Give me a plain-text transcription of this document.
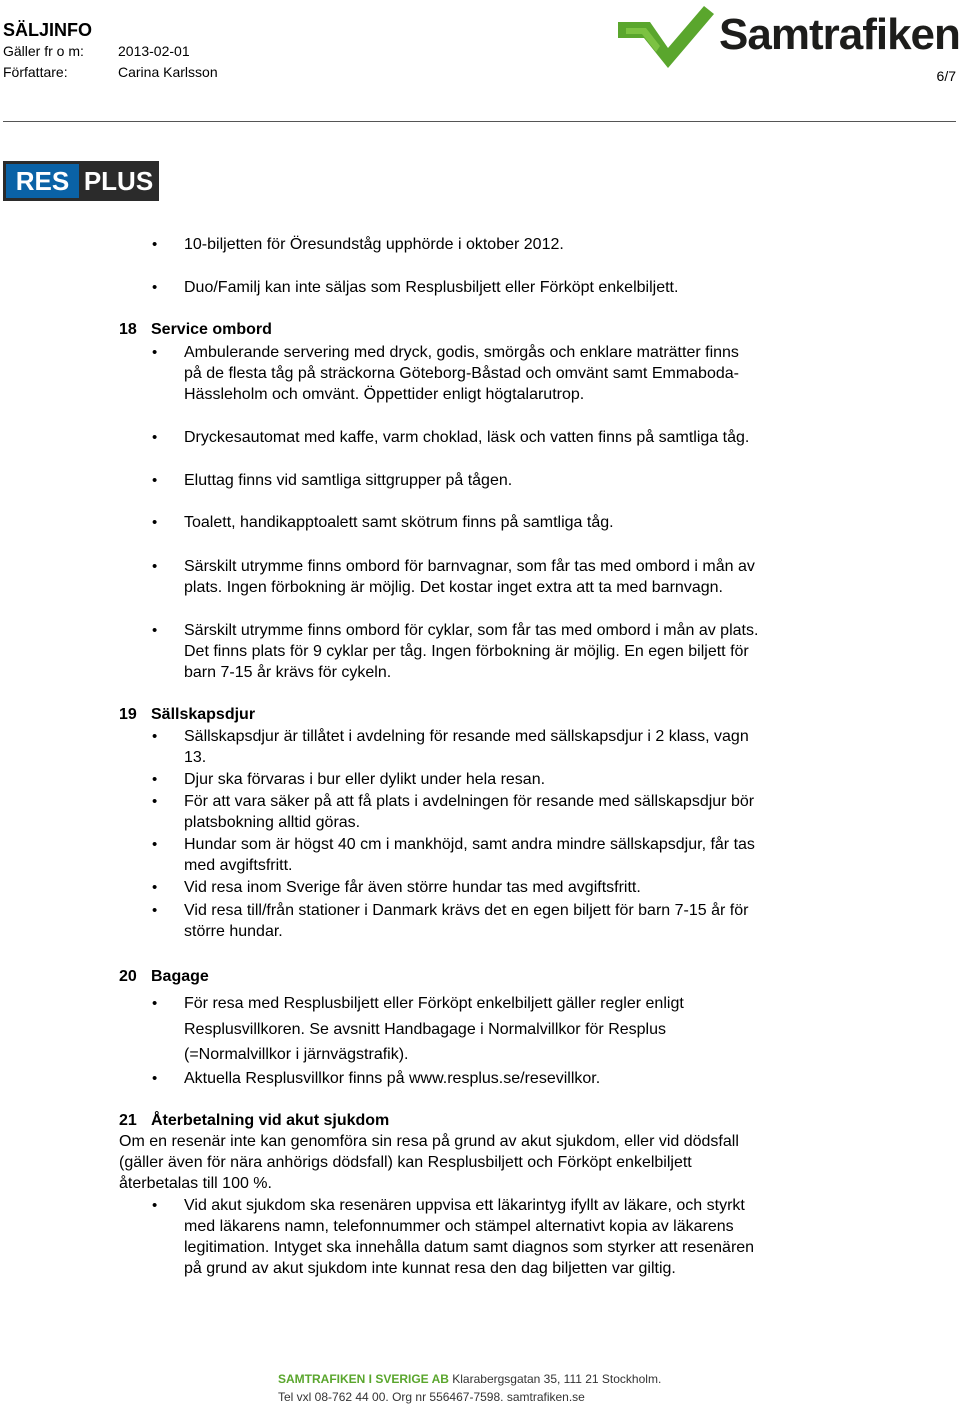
SÄLJINFO
Gäller fr o m: 2013-02-01
Författare:	Carina Karlsson	6/7
Samtrafiken
RES PLUS
• 10-biljetten för Öresundståg upphörde i oktober 2012.
• Duo/Familj kan inte säljas som Resplusbiljett eller Förköpt enkelbiljett.
18 Service ombord
• Ambulerande servering med dryck, godis, smörgås och enklare maträtter finns
på de flesta tåg på sträckorna Göteborg-Båstad och omvänt samt Emmaboda-
Hässleholm och omvänt. Öppettider enligt högtalarutrop.
• Dryckesautomat med kaffe, varm choklad, läsk och vatten finns på samtliga tåg.
• Eluttag finns vid samtliga sittgrupper på tågen.
• Toalett, handikapptoalett samt skötrum finns på samtliga tåg.
• Särskilt utrymme finns ombord för barnvagnar, som får tas med ombord i mån av
plats. Ingen förbokning är möjlig. Det kostar inget extra att ta med barnvagn.
• Särskilt utrymme finns ombord för cyklar, som får tas med ombord i mån av plats.
Det finns plats för 9 cyklar per tåg. Ingen förbokning är möjlig. En egen biljett för
barn 7-15 år krävs för cykeln.
19 Sällskapsdjur
• Sällskapsdjur är tillåtet i avdelning för resande med sällskapsdjur i 2 klass, vagn
13.
• Djur ska förvaras i bur eller dylikt under hela resan.
• För att vara säker på att få plats i avdelningen för resande med sällskapsdjur bör
platsbokning alltid göras.
• Hundar som är högst 40 cm i mankhöjd, samt andra mindre sällskapsdjur, får tas
med avgiftsfritt.
• Vid resa inom Sverige får även större hundar tas med avgiftsfritt.
• Vid resa till/från stationer i Danmark krävs det en egen biljett för barn 7-15 år för
större hundar.
20 Bagage
• För resa med Resplusbiljett eller Förköpt enkelbiljett gäller regler enligt
Resplusvillkoren. Se avsnitt Handbagage i Normalvillkor för Resplus
(=Normalvillkor i järnvägstrafik).
• Aktuella Resplusvillkor finns på www.resplus.se/resevillkor.
21 Återbetalning vid akut sjukdom
Om en resenär inte kan genomföra sin resa på grund av akut sjukdom, eller vid dödsfall
(gäller även för nära anhörigs dödsfall) kan Resplusbiljett och Förköpt enkelbiljett
återbetalas till 100 %.
• Vid akut sjukdom ska resenären uppvisa ett läkarintyg ifyllt av läkare, och styrkt
med läkarens namn, telefonnummer och stämpel alternativt kopia av läkarens
legitimation. Intyget ska innehålla datum samt diagnos som styrker att resenären
på grund av akut sjukdom inte kunnat resa den dag biljetten var giltig.
SAMTRAFIKEN I SVERIGE AB Klarabergsgatan 35, 111 21 Stockholm.
Tel vxl 08-762 44 00. Org nr 556467-7598. samtrafiken.se
